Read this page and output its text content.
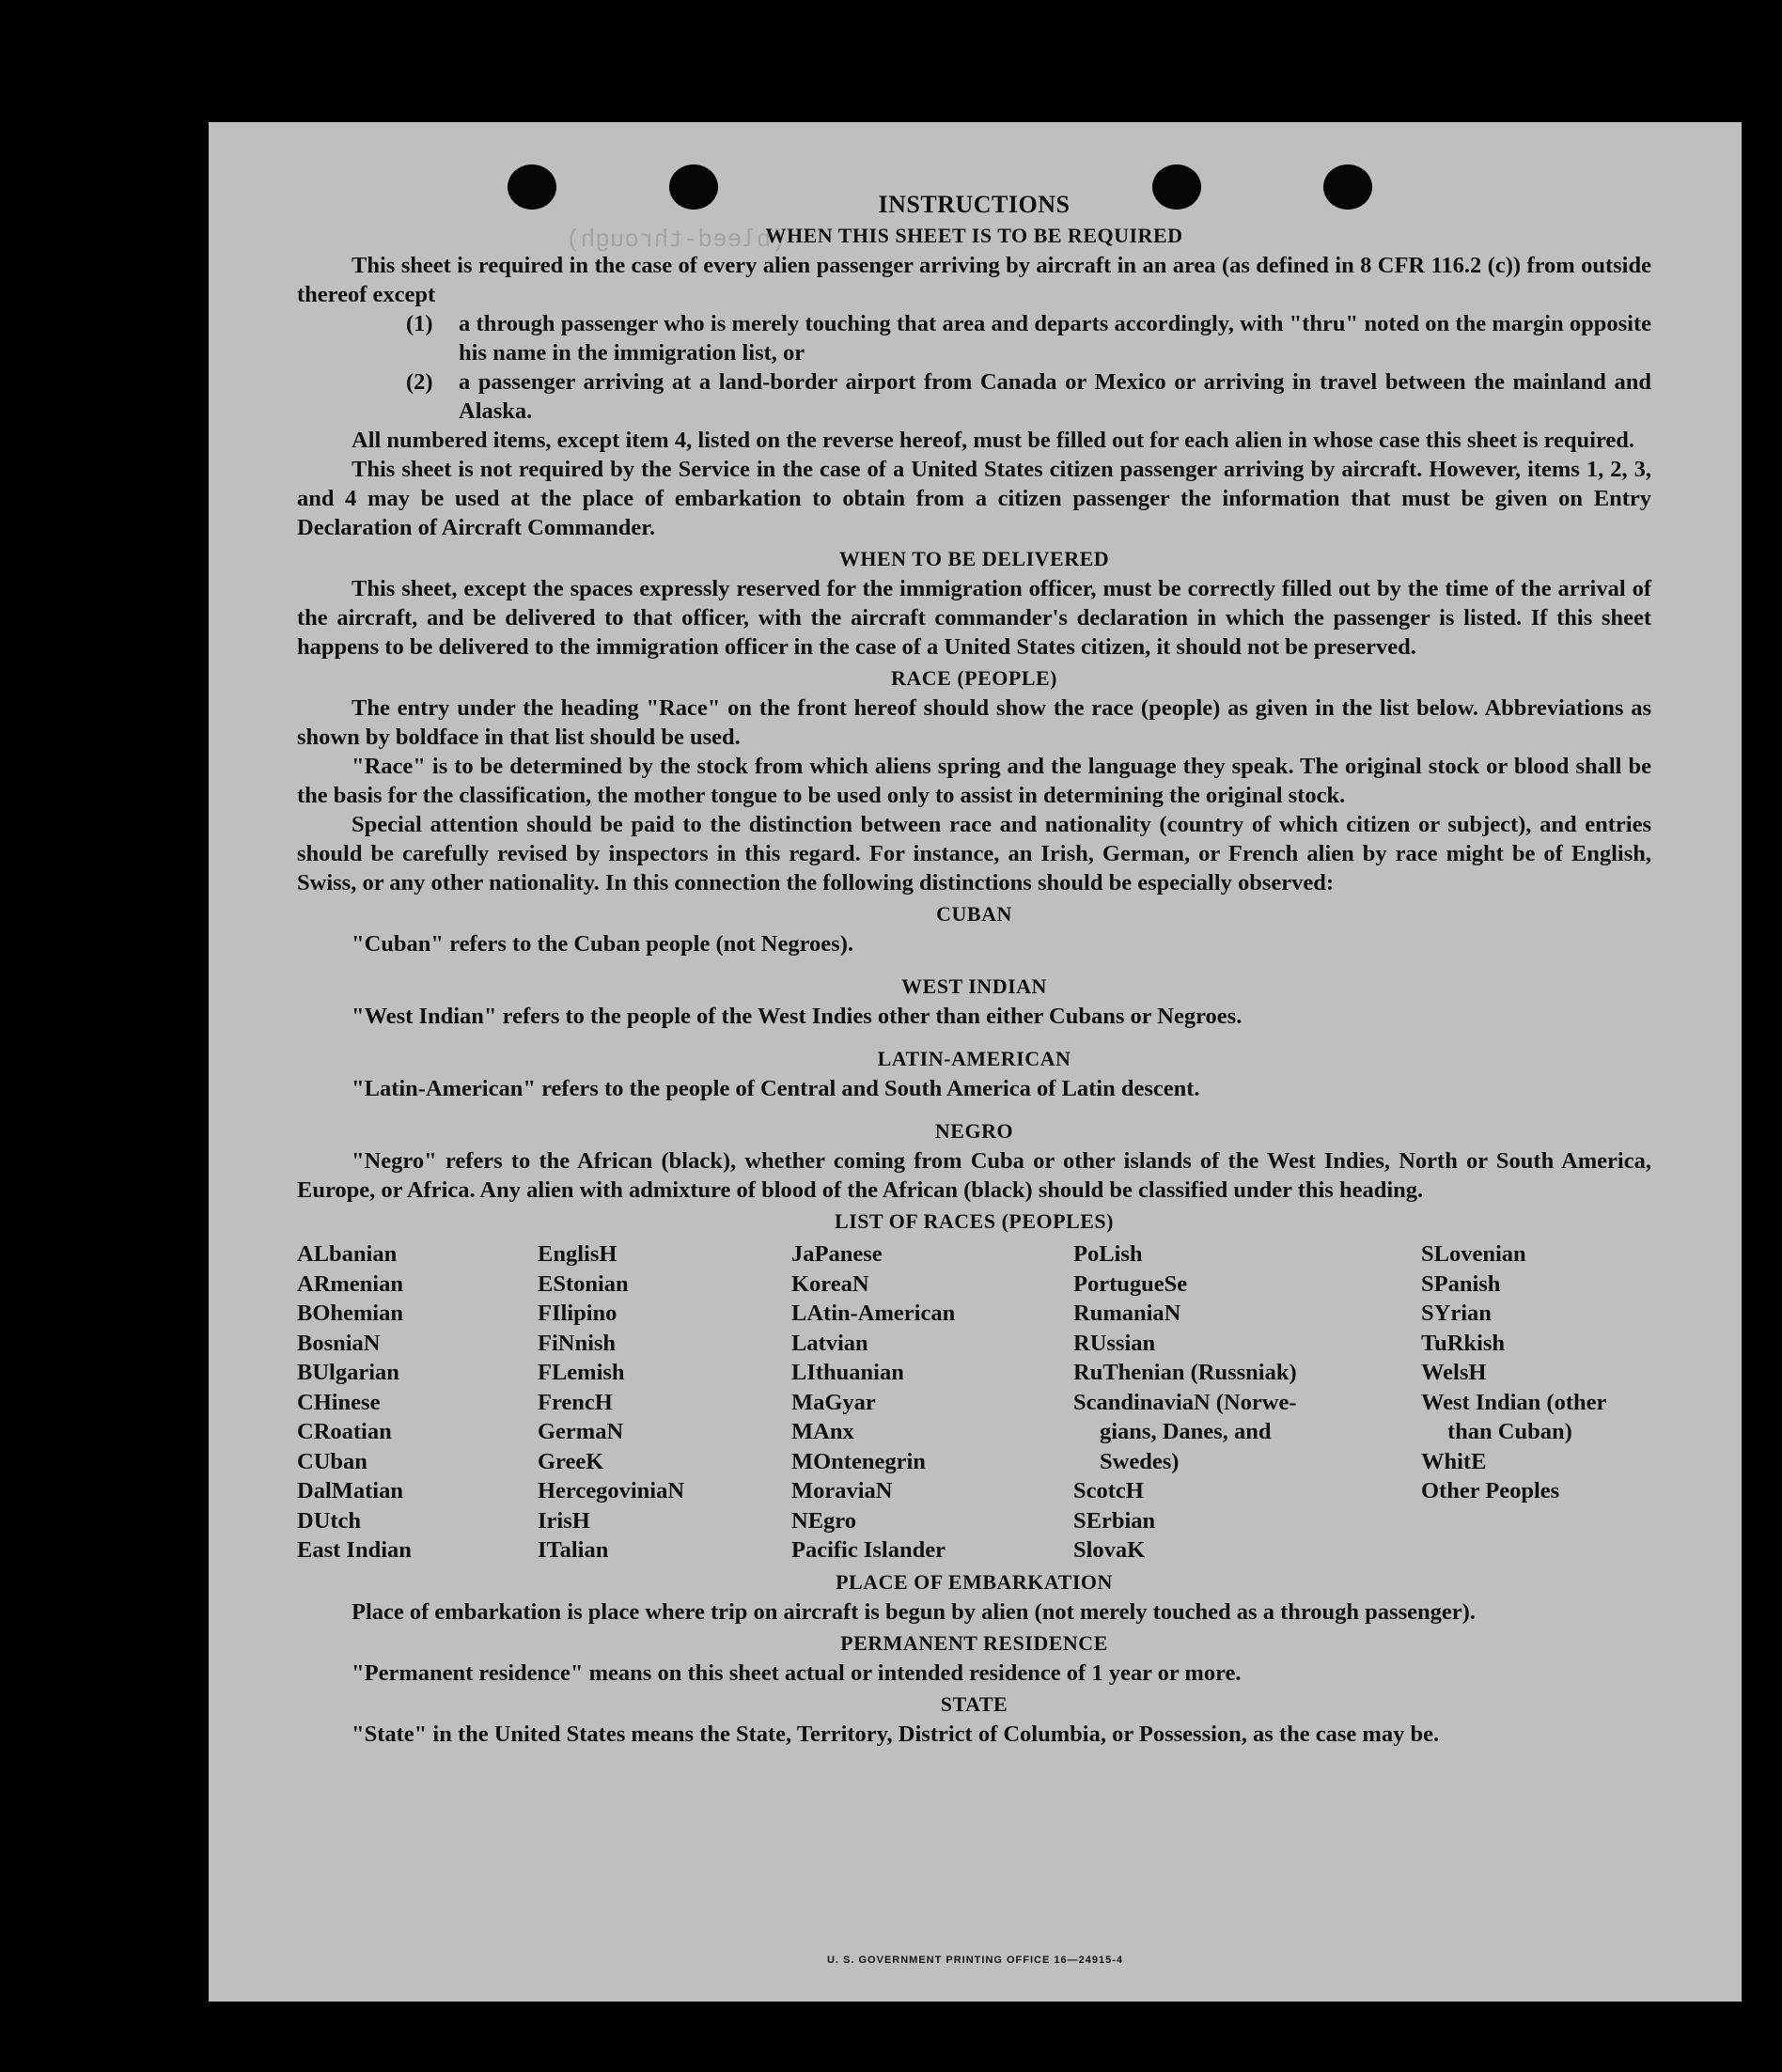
(bleed-through)
INSTRUCTIONS
WHEN THIS SHEET IS TO BE REQUIRED

This sheet is required in the case of every alien passenger arriving by aircraft in an area (as defined in 8 CFR 116.2 (c)) from outside thereof except

(1)	a through passenger who is merely touching that area and departs accordingly, with "thru" noted on the margin opposite his name in the immigration list, or
(2)	a passenger arriving at a land-border airport from Canada or Mexico or arriving in travel between the mainland and Alaska.

All numbered items, except item 4, listed on the reverse hereof, must be filled out for each alien in whose case this sheet is required.

This sheet is not required by the Service in the case of a United States citizen passenger arriving by aircraft. However, items 1, 2, 3, and 4 may be used at the place of embarkation to obtain from a citizen passenger the information that must be given on Entry Declaration of Aircraft Commander.

WHEN TO BE DELIVERED

This sheet, except the spaces expressly reserved for the immigration officer, must be correctly filled out by the time of the arrival of the aircraft, and be delivered to that officer, with the aircraft commander's declaration in which the passenger is listed. If this sheet happens to be delivered to the immigration officer in the case of a United States citizen, it should not be preserved.

RACE (PEOPLE)

The entry under the heading "Race" on the front hereof should show the race (people) as given in the list below. Abbreviations as shown by boldface in that list should be used.

"Race" is to be determined by the stock from which aliens spring and the language they speak. The original stock or blood shall be the basis for the classification, the mother tongue to be used only to assist in determining the original stock.

Special attention should be paid to the distinction between race and nationality (country of which citizen or subject), and entries should be carefully revised by inspectors in this regard. For instance, an Irish, German, or French alien by race might be of English, Swiss, or any other nationality. In this connection the following distinctions should be especially observed:

CUBAN

"Cuban" refers to the Cuban people (not Negroes).

WEST INDIAN

"West Indian" refers to the people of the West Indies other than either Cubans or Negroes.

LATIN-AMERICAN

"Latin-American" refers to the people of Central and South America of Latin descent.

NEGRO

"Negro" refers to the African (black), whether coming from Cuba or other islands of the West Indies, North or South America, Europe, or Africa. Any alien with admixture of blood of the African (black) should be classified under this heading.

LIST OF RACES (PEOPLES)
ALbanian
ARmenian
BOhemian
BosniaN
BUlgarian
CHinese
CRoatian
CUban
DalMatian
DUtch
East Indian
EnglisH
EStonian
FIlipino
FiNnish
FLemish
FrencH
GermaN
GreeK
HercegoviniaN
IrisH
ITalian
JaPanese
KoreaN
LAtin-American
Latvian
LIthuanian
MaGyar
MAnx
MOntenegrin
MoraviaN
NEgro
Pacific Islander
PoLish
PortugueSe
RumaniaN
RUssian
RuThenian (Russniak)
ScandinaviaN (Norwe-
gians, Danes, and
Swedes)
ScotcH
SErbian
SlovaK
SLovenian
SPanish
SYrian
TuRkish
WelsH
West Indian (other
than Cuban)
WhitE
Other Peoples
PLACE OF EMBARKATION

Place of embarkation is place where trip on aircraft is begun by alien (not merely touched as a through passenger).

PERMANENT RESIDENCE

"Permanent residence" means on this sheet actual or intended residence of 1 year or more.

STATE

"State" in the United States means the State, Territory, District of Columbia, or Possession, as the case may be.

U. S. GOVERNMENT PRINTING OFFICE 16—24915-4
